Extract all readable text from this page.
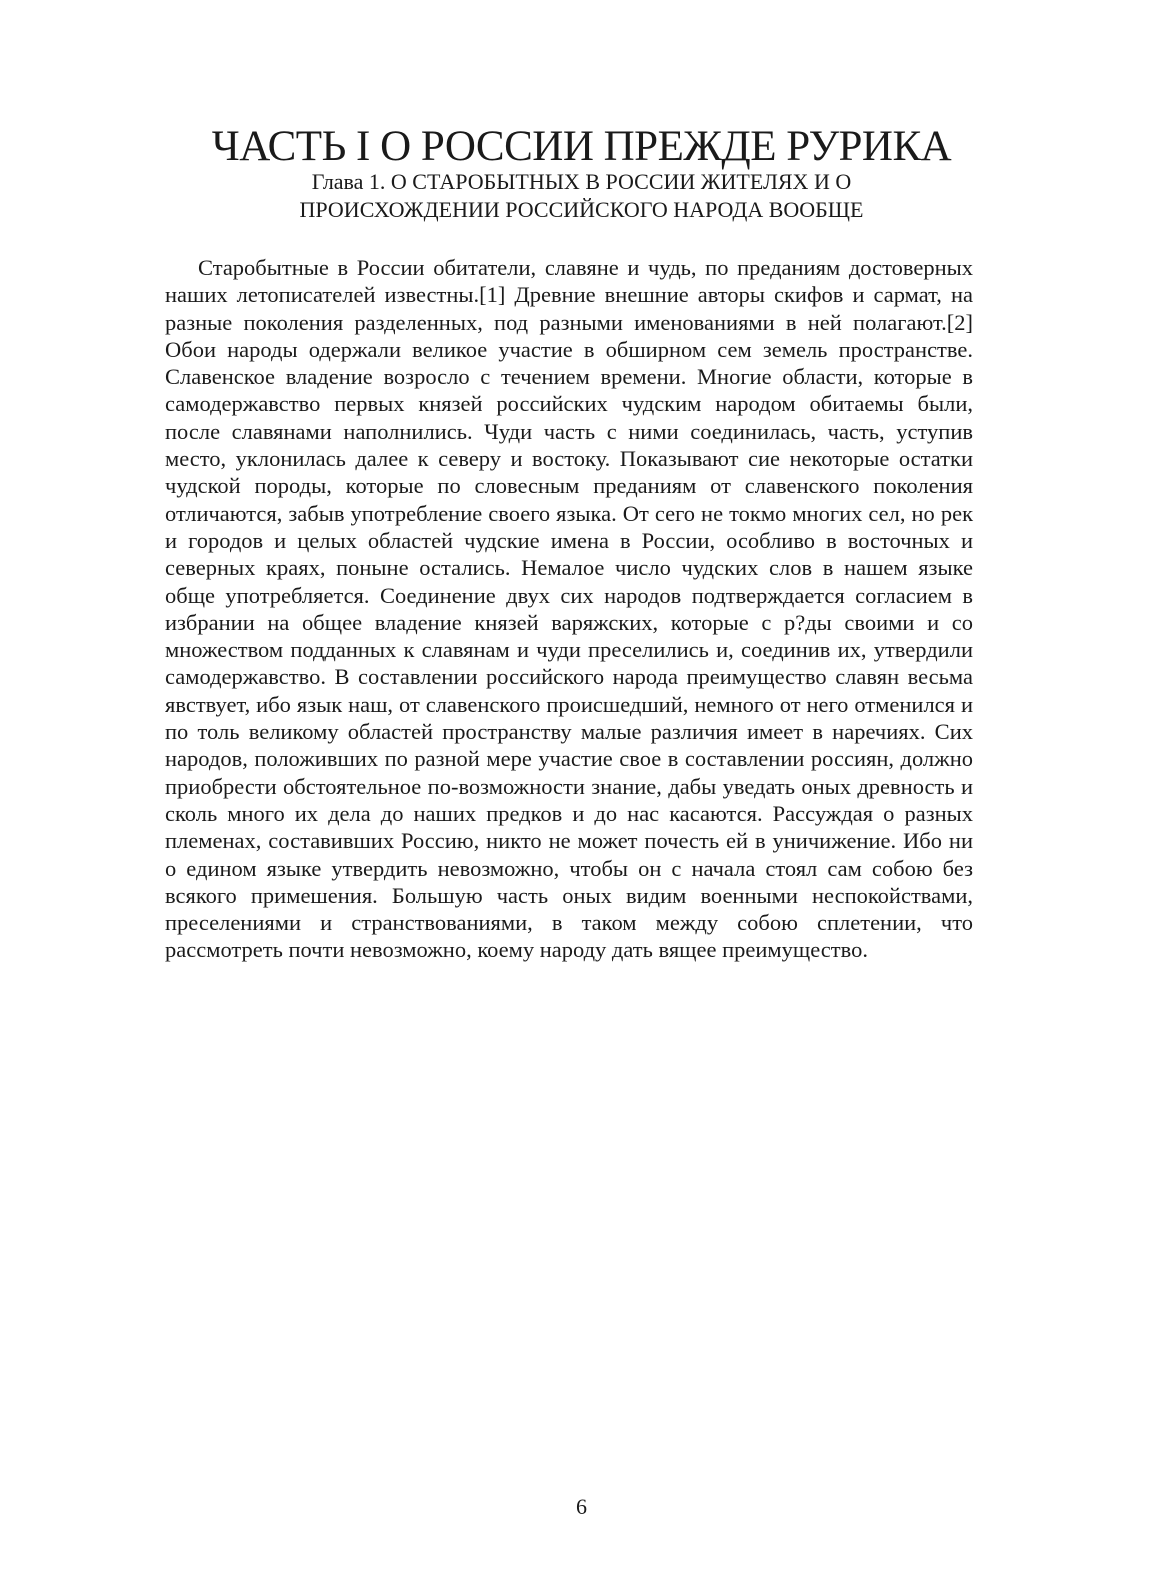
ЧАСТЬ I О РОССИИ ПРЕЖДЕ РУРИКА
Глава 1. О СТАРОБЫТНЫХ В РОССИИ ЖИТЕЛЯХ И О
ПРОИСХОЖДЕНИИ РОССИЙСКОГО НАРОДА ВООБЩЕ

Старобытные в России обитатели, славяне и чудь, по преданиям достоверных наших летописателей известны.[1] Древние внешние авторы скифов и сармат, на разные поколения разделенных, под разными именованиями в ней полагают.[2] Обои народы одержали великое участие в обширном сем земель пространстве. Славенское владение возросло с течением времени. Многие области, которые в самодержавство первых князей российских чудским народом обитаемы были, после славянами наполнились. Чуди часть с ними соединилась, часть, уступив место, уклонилась далее к северу и востоку. Показывают сие некоторые остатки чудской породы, которые по словесным преданиям от славенского поколения отличаются, забыв употребление своего языка. От сего не токмо многих сел, но рек и городов и целых областей чудские имена в России, особливо в восточных и северных краях, поныне остались. Немалое число чудских слов в нашем языке обще употребляется. Соединение двух сих народов подтверждается согласием в избрании на общее владение князей варяжских, которые с р?ды своими и со множеством подданных к славянам и чуди преселились и, соединив их, утвердили самодержавство. В составлении российского народа преимущество славян весьма явствует, ибо язык наш, от славенского происшедший, немного от него отменился и по толь великому областей пространству малые различия имеет в наречиях. Сих народов, положивших по разной мере участие свое в составлении россиян, должно приобрести обстоятельное по-возможности знание, дабы уведать оных древность и сколь много их дела до наших предков и до нас касаются. Рассуждая о разных племенах, составивших Россию, никто не может почесть ей в уничижение. Ибо ни о едином языке утвердить невозможно, чтобы он с начала стоял сам собою без всякого примешения. Большую часть оных видим военными неспокойствами, преселениями и странствованиями, в таком между собою сплетении, что рассмотреть почти невозможно, коему народу дать вящее преимущество.

6
